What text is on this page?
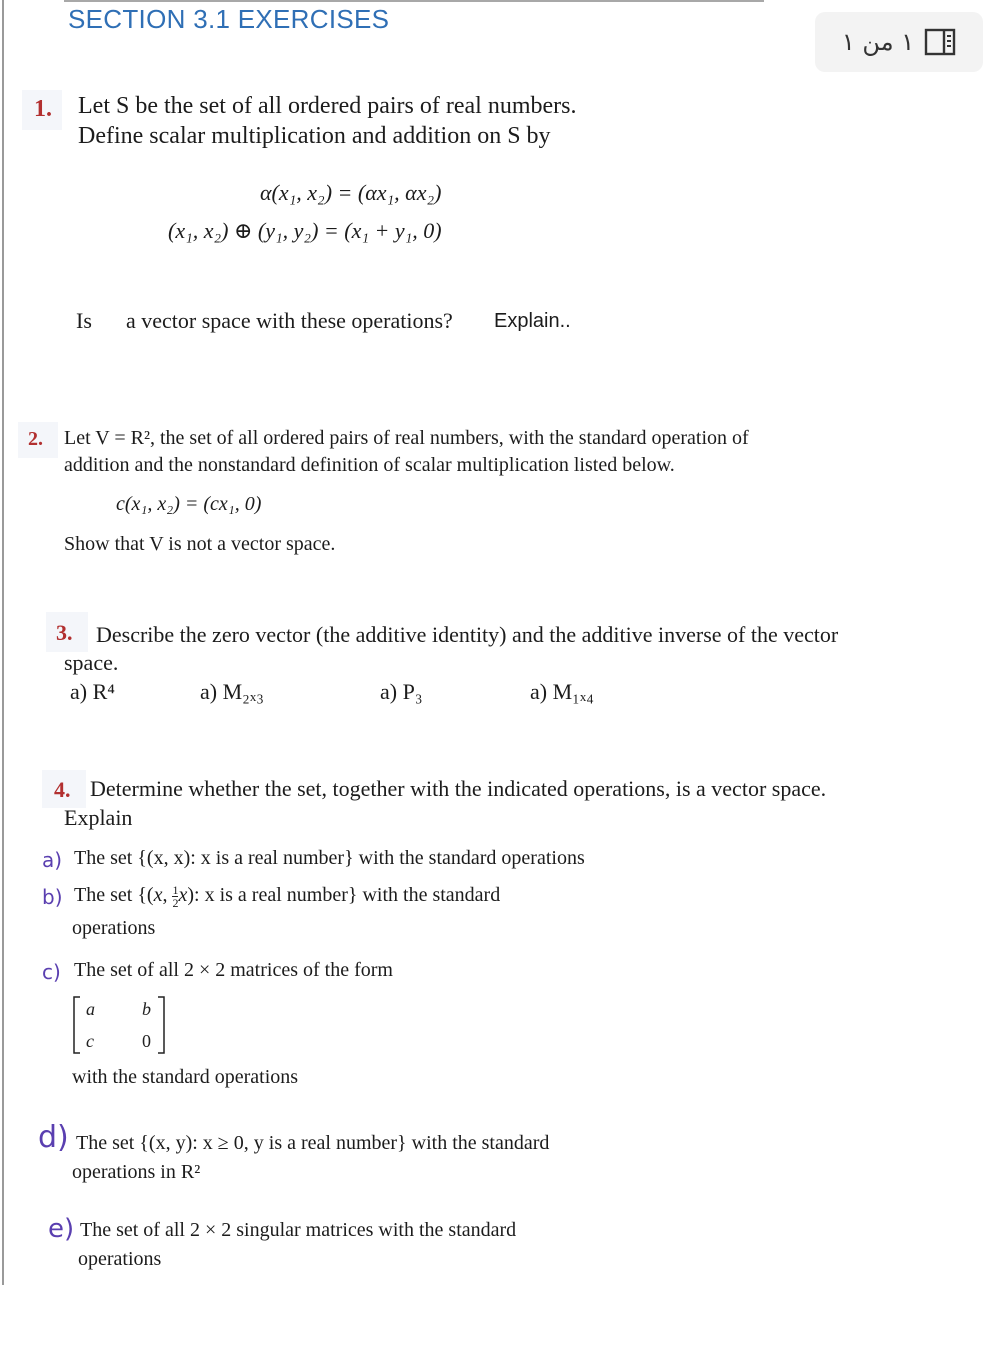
SECTION 3.1 EXERCISES
١ من ١
1. Let S be the set of all ordered pairs of real numbers.
Define scalar multiplication and addition on S by
α(x₁, x₂) = (αx₁, αx₂)
(x₁, x₂) ⊕ (y₁, y₂) = (x₁ + y₁, 0)
Is a vector space with these operations? Explain..
2. Let V = R², the set of all ordered pairs of real numbers, with the standard operation of
addition and the nonstandard definition of scalar multiplication listed below.
c(x₁, x₂) = (cx₁, 0)
Show that V is not a vector space.
3. Describe the zero vector (the additive identity) and the additive inverse of the vector
space.
a) R⁴	a) M₂ₓ₃	a) P₃	a) M₁ₓ₄
4. Determine whether the set, together with the indicated operations, is a vector space.
Explain
a) The set {(x, x): x is a real number} with the standard operations
b) The set {(x, $\frac{1}{2} x$): x is a real number} with the standard
operations
c) The set of all 2 × 2 matrices of the form
a	b
c	0
with the standard operations
d) The set {(x, y): x ≥ 0, y is a real number} with the standard
operations in R²
e) The set of all 2 × 2 singular matrices with the standard
operations
